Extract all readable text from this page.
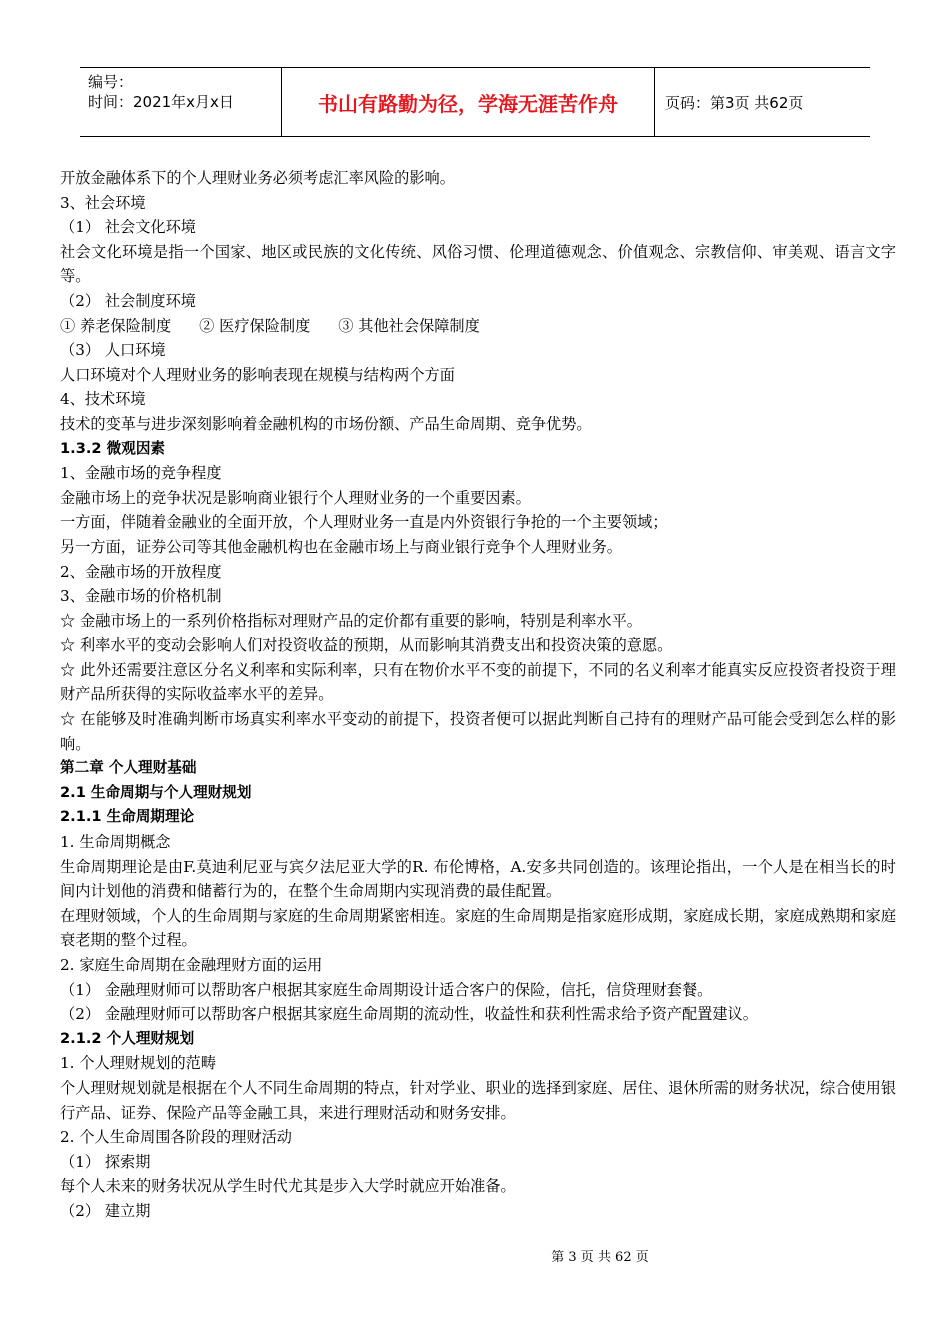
编号：
时间：2021年x月x日	书山有路勤为径，学海无涯苦作舟	页码：第3页 共62页

开放金融体系下的个人理财业务必须考虑汇率风险的影响。

3、社会环境

（1） 社会文化环境

社会文化环境是指一个国家、地区或民族的文化传统、风俗习惯、伦理道德观念、价值观念、宗教信仰、审美观、语言文字等。

（2） 社会制度环境

① 养老保险制度 ② 医疗保险制度 ③ 其他社会保障制度

（3） 人口环境

人口环境对个人理财业务的影响表现在规模与结构两个方面

4、技术环境

技术的变革与进步深刻影响着金融机构的市场份额、产品生命周期、竞争优势。

1.3.2 微观因素

1、金融市场的竞争程度

金融市场上的竞争状况是影响商业银行个人理财业务的一个重要因素。

一方面，伴随着金融业的全面开放，个人理财业务一直是内外资银行争抢的一个主要领域；

另一方面，证券公司等其他金融机构也在金融市场上与商业银行竞争个人理财业务。

2、金融市场的开放程度

3、金融市场的价格机制

☆ 金融市场上的一系列价格指标对理财产品的定价都有重要的影响，特别是利率水平。

☆ 利率水平的变动会影响人们对投资收益的预期，从而影响其消费支出和投资决策的意愿。

☆ 此外还需要注意区分名义利率和实际利率，只有在物价水平不变的前提下，不同的名义利率才能真实反应投资者投资于理财产品所获得的实际收益率水平的差异。

☆ 在能够及时准确判断市场真实利率水平变动的前提下，投资者便可以据此判断自己持有的理财产品可能会受到怎么样的影响。

第二章 个人理财基础

2.1 生命周期与个人理财规划

2.1.1 生命周期理论

1. 生命周期概念

生命周期理论是由F.莫迪利尼亚与宾夕法尼亚大学的R. 布伦博格，A.安多共同创造的。该理论指出，一个人是在相当长的时间内计划他的消费和储蓄行为的，在整个生命周期内实现消费的最佳配置。

在理财领域，个人的生命周期与家庭的生命周期紧密相连。家庭的生命周期是指家庭形成期，家庭成长期，家庭成熟期和家庭衰老期的整个过程。

2. 家庭生命周期在金融理财方面的运用

（1） 金融理财师可以帮助客户根据其家庭生命周期设计适合客户的保险，信托，信贷理财套餐。

（2） 金融理财师可以帮助客户根据其家庭生命周期的流动性，收益性和获利性需求给予资产配置建议。

2.1.2 个人理财规划

1. 个人理财规划的范畴

个人理财规划就是根据在个人不同生命周期的特点，针对学业、职业的选择到家庭、居住、退休所需的财务状况，综合使用银行产品、证券、保险产品等金融工具，来进行理财活动和财务安排。

2. 个人生命周围各阶段的理财活动

（1） 探索期

每个人未来的财务状况从学生时代尤其是步入大学时就应开始准备。

（2） 建立期

第 3 页 共 62 页
